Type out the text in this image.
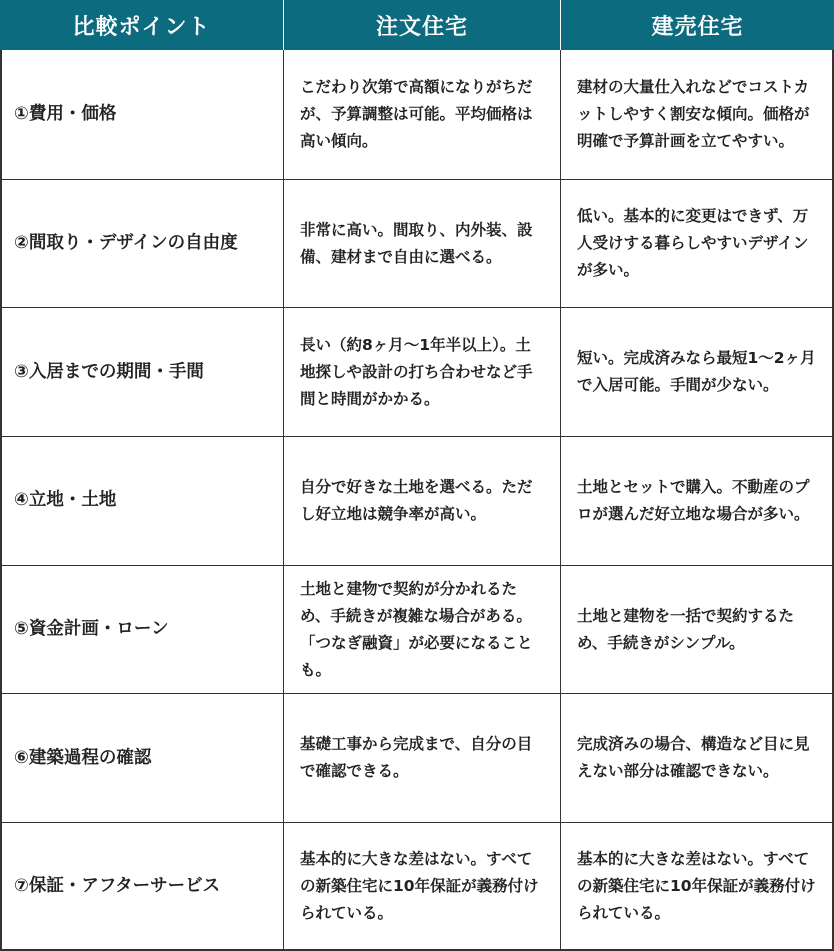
比較ポイント	注文住宅	建売住宅
①費用・価格
こだわり次第で高額になりがちだが、予算調整は可能。平均価格は高い傾向。
建材の大量仕入れなどでコストカットしやすく割安な傾向。価格が明確で予算計画を立てやすい。
②間取り・デザインの自由度
非常に高い。間取り、内外装、設備、建材まで自由に選べる。
低い。基本的に変更はできず、万人受けする暮らしやすいデザインが多い。
③入居までの期間・手間
長い（約8ヶ月〜1年半以上）。土地探しや設計の打ち合わせなど手間と時間がかかる。
短い。完成済みなら最短1〜2ヶ月で入居可能。手間が少ない。
④立地・土地
自分で好きな土地を選べる。ただし好立地は競争率が高い。
土地とセットで購入。不動産のプロが選んだ好立地な場合が多い。
⑤資金計画・ローン
土地と建物で契約が分かれるため、手続きが複雑な場合がある。「つなぎ融資」が必要になることも。
土地と建物を一括で契約するため、手続きがシンプル。
⑥建築過程の確認
基礎工事から完成まで、自分の目で確認できる。
完成済みの場合、構造など目に見えない部分は確認できない。
⑦保証・アフターサービス
基本的に大きな差はない。すべての新築住宅に10年保証が義務付けられている。
基本的に大きな差はない。すべての新築住宅に10年保証が義務付けられている。
